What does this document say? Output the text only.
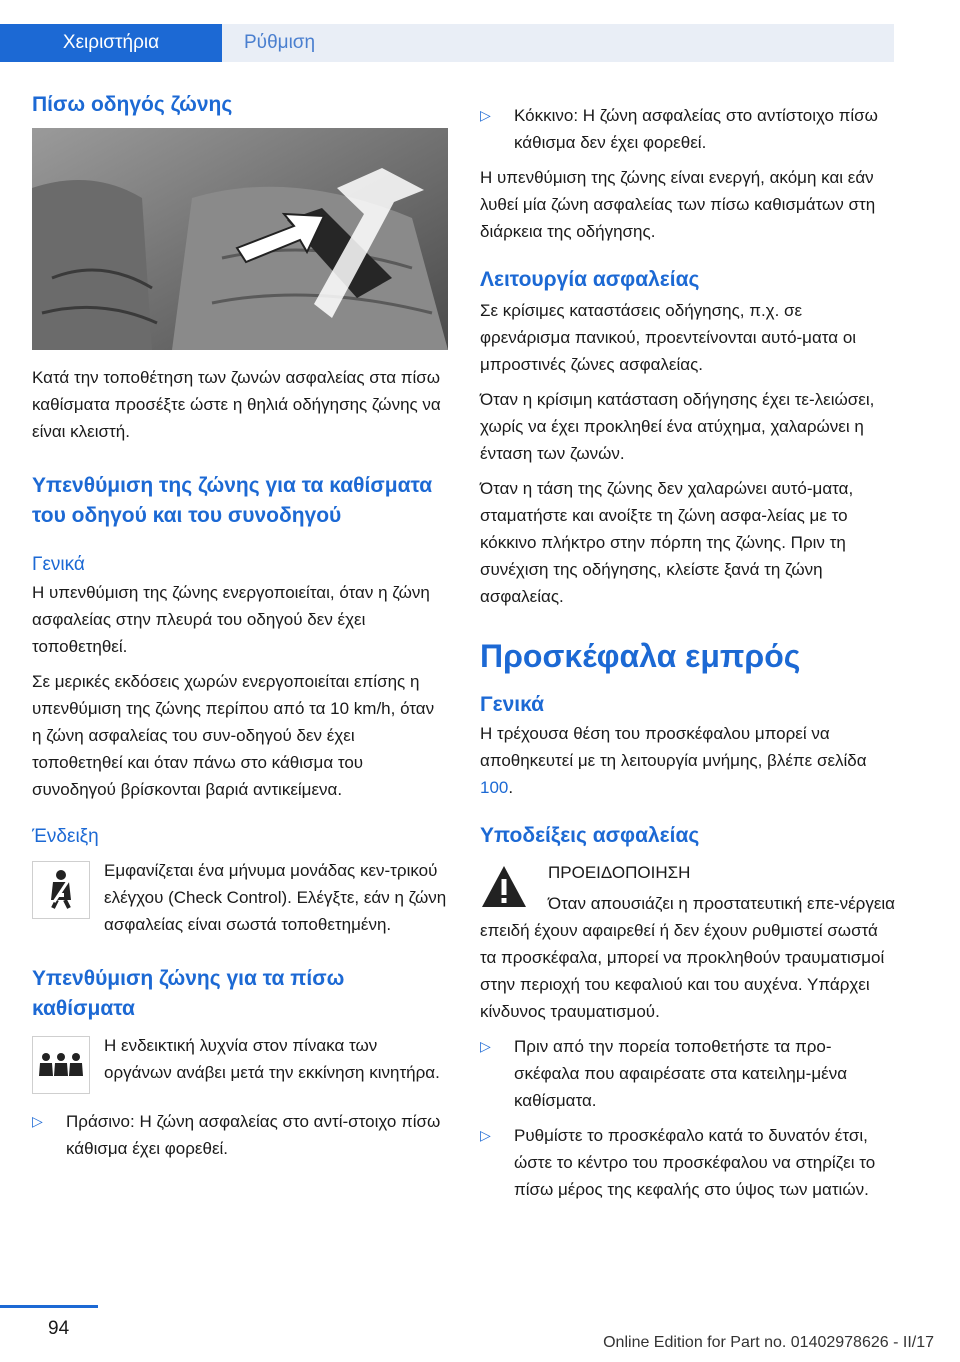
Χειριστήρια	Ρύθμιση
Πίσω οδηγός ζώνης

Κατά την τοποθέτηση των ζωνών ασφαλείας στα πίσω καθίσματα προσέξτε ώστε η θηλιά οδήγησης ζώνης να είναι κλειστή.

Υπενθύμιση της ζώνης για τα καθίσματα του οδηγού και του συνοδηγού
Γενικά

Η υπενθύμιση της ζώνης ενεργοποιείται, όταν η ζώνη ασφαλείας στην πλευρά του οδηγού δεν έχει τοποθετηθεί.

Σε μερικές εκδόσεις χωρών ενεργοποιείται επίσης η υπενθύμιση της ζώνης περίπου από τα 10 km/h, όταν η ζώνη ασφαλείας του συν‐οδηγού δεν έχει τοποθετηθεί και όταν πάνω στο κάθισμα του συνοδηγού βρίσκονται βαριά αντικείμενα.

Ένδειξη

Εμφανίζεται ένα μήνυμα μονάδας κεν‐τρικού ελέγχου (Check Control). Ελέγξτε, εάν η ζώνη ασφαλείας είναι σωστά τοποθετημένη.

Υπενθύμιση ζώνης για τα πίσω καθίσματα

Η ενδεικτική λυχνία στον πίνακα των οργάνων ανάβει μετά την εκκίνηση κινητήρα.

▷ Πράσινο: Η ζώνη ασφαλείας στο αντί‐στοιχο πίσω κάθισμα έχει φορεθεί.
▷ Κόκκινο: Η ζώνη ασφαλείας στο αντίστοιχο πίσω κάθισμα δεν έχει φορεθεί.

Η υπενθύμιση της ζώνης είναι ενεργή, ακόμη και εάν λυθεί μία ζώνη ασφαλείας των πίσω καθισμάτων στη διάρκεια της οδήγησης.

Λειτουργία ασφαλείας

Σε κρίσιμες καταστάσεις οδήγησης, π.χ. σε φρενάρισμα πανικού, προεντείνονται αυτό‐ματα οι μπροστινές ζώνες ασφαλείας.

Όταν η κρίσιμη κατάσταση οδήγησης έχει τε‐λειώσει, χωρίς να έχει προκληθεί ένα ατύχημα, χαλαρώνει η ένταση των ζωνών.

Όταν η τάση της ζώνης δεν χαλαρώνει αυτό‐ματα, σταματήστε και ανοίξτε τη ζώνη ασφα‐λείας με το κόκκινο πλήκτρο στην πόρπη της ζώνης. Πριν τη συνέχιση της οδήγησης, κλείστε ξανά τη ζώνη ασφαλείας.

Προσκέφαλα εμπρός
Γενικά

Η τρέχουσα θέση του προσκέφαλου μπορεί να αποθηκευτεί με τη λειτουργία μνήμης, βλέπε σελίδα 100.

Υποδείξεις ασφαλείας

ΠΡΟΕΙΔΟΠΟΙΗΣΗ

Όταν απουσιάζει η προστατευτική επε‐νέργεια επειδή έχουν αφαιρεθεί ή δεν έχουν ρυθμιστεί σωστά τα προσκέφαλα, μπορεί να προκληθούν τραυματισμοί στην περιοχή του κεφαλιού και του αυχένα. Υπάρχει κίνδυνος τραυματισμού.

▷ Πριν από την πορεία τοποθετήστε τα προ‐σκέφαλα που αφαιρέσατε στα κατειλημ‐μένα καθίσματα.
▷ Ρυθμίστε το προσκέφαλο κατά το δυνατόν έτσι, ώστε το κέντρο του προσκέφαλου να στηρίζει το πίσω μέρος της κεφαλής στο ύψος των ματιών.
94
Online Edition for Part no. 01402978626 - II/17
